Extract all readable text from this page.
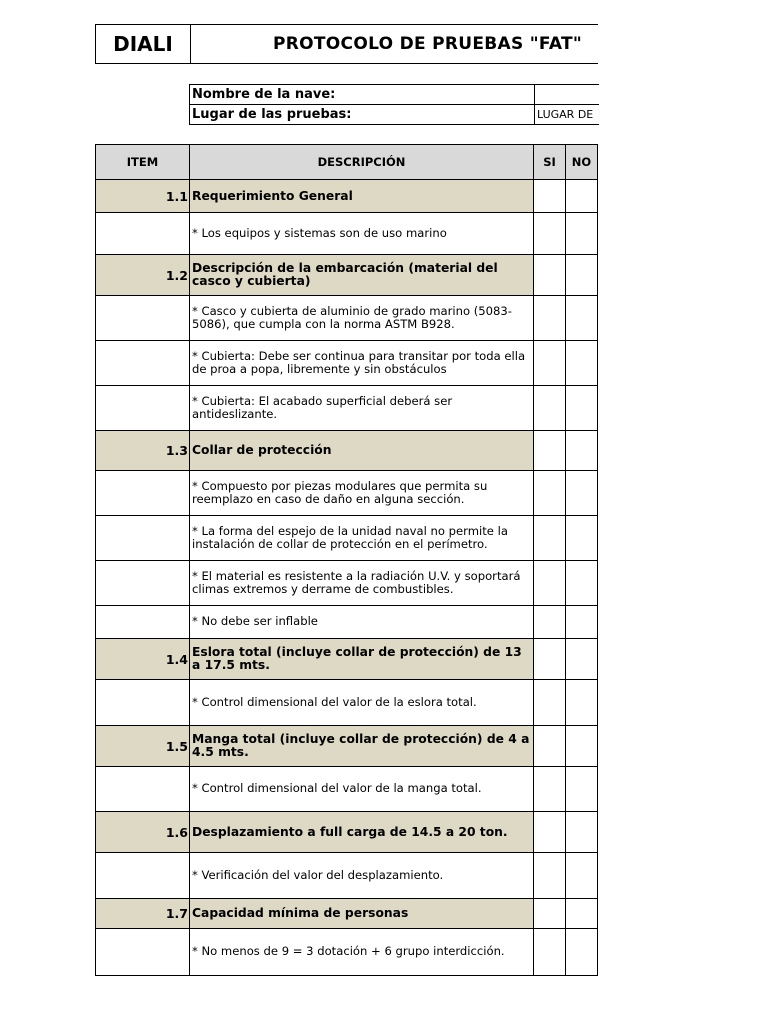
DIALI	PROTOCOLO DE PRUEBAS "FAT"
Nombre de la nave:	
Lugar de las pruebas:	LUGAR DE
ITEM	DESCRIPCIÓN	SI	NO
1.1	Requerimiento General		
	* Los equipos y sistemas son de uso marino		
1.2	Descripción de la embarcación (material del casco y cubierta)		
	* Casco y cubierta de aluminio de grado marino (5083-5086), que cumpla con la norma ASTM B928.		
	* Cubierta: Debe ser continua para transitar por toda ella de proa a popa, libremente y sin obstáculos		
	* Cubierta: El acabado superficial deberá ser antideslizante.		
1.3	Collar de protección		
	* Compuesto por piezas modulares que permita su reemplazo en caso de daño en alguna sección.		
	* La forma del espejo de la unidad naval no permite la instalación de collar de protección en el perímetro.		
	* El material es resistente a la radiación U.V. y soportará climas extremos y derrame de combustibles.		
	* No debe ser inflable		
1.4	Eslora total (incluye collar de protección) de 13 a 17.5 mts.		
	* Control dimensional del valor de la eslora total.		
1.5	Manga total (incluye collar de protección) de 4 a 4.5 mts.		
	* Control dimensional del valor de la manga total.		
1.6	Desplazamiento a full carga de 14.5 a 20 ton.		
	* Verificación del valor del desplazamiento.		
1.7	Capacidad mínima de personas		
	* No menos de 9 = 3 dotación + 6 grupo interdicción.		
